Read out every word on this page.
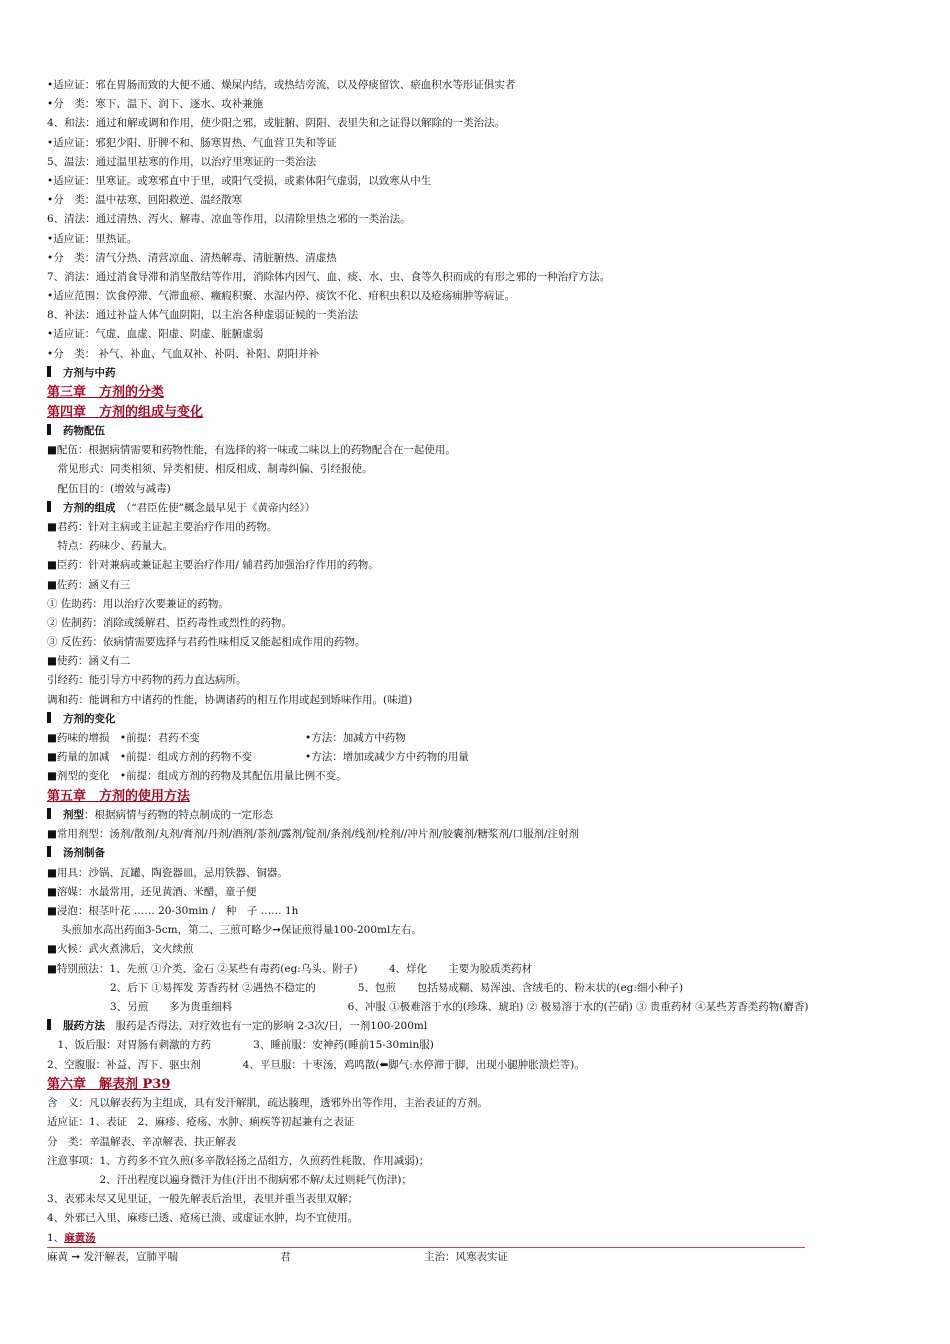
•适应证：邪在胃肠而致的大便不通、燥屎内结，或热结旁流，以及停痰留饮、瘀血积水等形证俱实者
•分　类：寒下、温下、润下、逐水、攻补兼施
4、和法：通过和解或调和作用，使少阳之邪，或脏腑、阴阳、表里失和之证得以解除的一类治法。
•适应证：邪犯少阳、肝脾不和、肠寒胃热、气血营卫失和等证
5、温法：通过温里祛寒的作用，以治疗里寒证的一类治法
•适应证：里寒证。或寒邪直中于里，或阳气受损，或素体阳气虚弱，以致寒从中生
•分　类：温中祛寒、回阳救逆、温经散寒
6、清法：通过清热、泻火、解毒、凉血等作用，以清除里热之邪的一类治法。
•适应证：里热证。
•分　类：清气分热、清营凉血、清热解毒、清脏腑热、清虚热
7、消法：通过消食导滞和消坚散结等作用，消除体内因气、血、痰、水、虫、食等久积而成的有形之邪的一种治疗方法。
•适应范围：饮食停滞、气滞血瘀、癥瘕积聚、水湿内停、痰饮不化、疳积虫积以及疮疡痈肿等病证。
8、补法：通过补益人体气血阴阳，以主治各种虚弱证候的一类治法
•适应证：气虚、血虚、阳虚、阴虚、脏腑虚弱
•分　类： 补气、补血、气血双补、补阴、补阳、阴阳并补
方剂与中药
第三章　方剂的分类
第四章　方剂的组成与变化
药物配伍
■配伍：根据病情需要和药物性能，有选择的将一味或二味以上的药物配合在一起使用。
　常见形式：同类相须、异类相使、相反相成、制毒纠偏、引经报使。
　配伍目的：(增效与减毒)
方剂的组成　 （“君臣佐使”概念最早见于《黄帝内经》）
■君药：针对主病或主证起主要治疗作用的药物。
　特点：药味少、药量大。
■臣药：针对兼病或兼证起主要治疗作用/ 辅君药加强治疗作用的药物。
■佐药：涵义有三
① 佐助药：用以治疗次要兼证的药物。
② 佐制药：消除或缓解君、臣药毒性或烈性的药物。
③ 反佐药：依病情需要选择与君药性味相反又能起相成作用的药物。
■使药：涵义有二
引经药：能引导方中药物的药力直达病所。
调和药：能调和方中诸药的性能，协调诸药的相互作用或起到矫味作用。(味道)
方剂的变化
■药味的增损　•前提：君药不变	•方法：加减方中药物
■药量的加减　•前提：组成方剂的药物不变	•方法：增加或减少方中药物的用量
■剂型的变化　•前提：组成方剂的药物及其配伍用量比例不变。
第五章　方剂的使用方法
剂型：根据病情与药物的特点制成的一定形态
■常用剂型：汤剂/散剂/丸剂/膏剂/丹剂/酒剂/茶剂/露剂/锭剂/条剂/线剂/栓剂//冲片剂/胶囊剂/糖浆剂/口服剂/注射剂
汤剂制备
■用具：沙锅、瓦罐、陶瓷器皿，忌用铁器、铜器。
■溶媒：水最常用，还见黄酒、米醋，童子便
■浸泡：根茎叶花 …… 20-30min /　种　子 …… 1h
　 头煎加水高出药面3-5cm，第二、三煎可略少➞保证煎得量100-200ml左右。
■火候：武火煮沸后，文火续煎
■特别煎法：1、先煎 ①介类、金石 ②某些有毒药(eg:乌头、附子)　　　4、烊化　　主要为胶质类药材
　　　　　　2、后下 ①易挥发 芳香药材 ②遇热不稳定的　　　　5、包煎　　包括易成糊、易浑浊、含绒毛的、粉末状的(eg:细小种子)
　　　　　　3、另煎　　多为贵重细料　　　　　　　　　　　6、冲服 ①极难溶于水的(珍珠、琥珀) ② 极易溶于水的(芒硝) ③ 贵重药材 ④某些芳香类药物(麝香)
服药方法　 服药是否得法，对疗效也有一定的影响 2-3次/日，一剂100-200ml
　1、饭后服：对胃肠有刺激的方药　　　　3、睡前服：安神药(睡前15-30min服)
2、空腹服：补益、泻下、驱虫剂　　　　4、平旦服：十枣汤，鸡鸣散(⬅脚气:水停滞于脚，出现小腿肿胀溃烂等)。
第六章　解表剂 P39
含　义：凡以解表药为主组成，具有发汗解肌，疏达腠理，透邪外出等作用，主治表证的方剂。
适应证：1、表证　2、麻疹、疮疡、水肿、痢疾等初起兼有之表证
分　类：辛温解表、辛凉解表、扶正解表
注意事项：1、方药多不宜久煎(多辛散轻扬之品组方，久煎药性耗散，作用减弱)；
　　　　　2、汗出程度以遍身微汗为佳(汗出不彻病邪不解/太过则耗气伤津)；
3、表邪未尽又见里证，一般先解表后治里，表里并重当表里双解；
4、外邪已入里、麻疹已透、疮疡已溃、或虚证水肿，均不宜使用。
1、麻黄汤
麻黄 ➞ 发汗解表，宣肺平喘	君	主治：风寒表实证
